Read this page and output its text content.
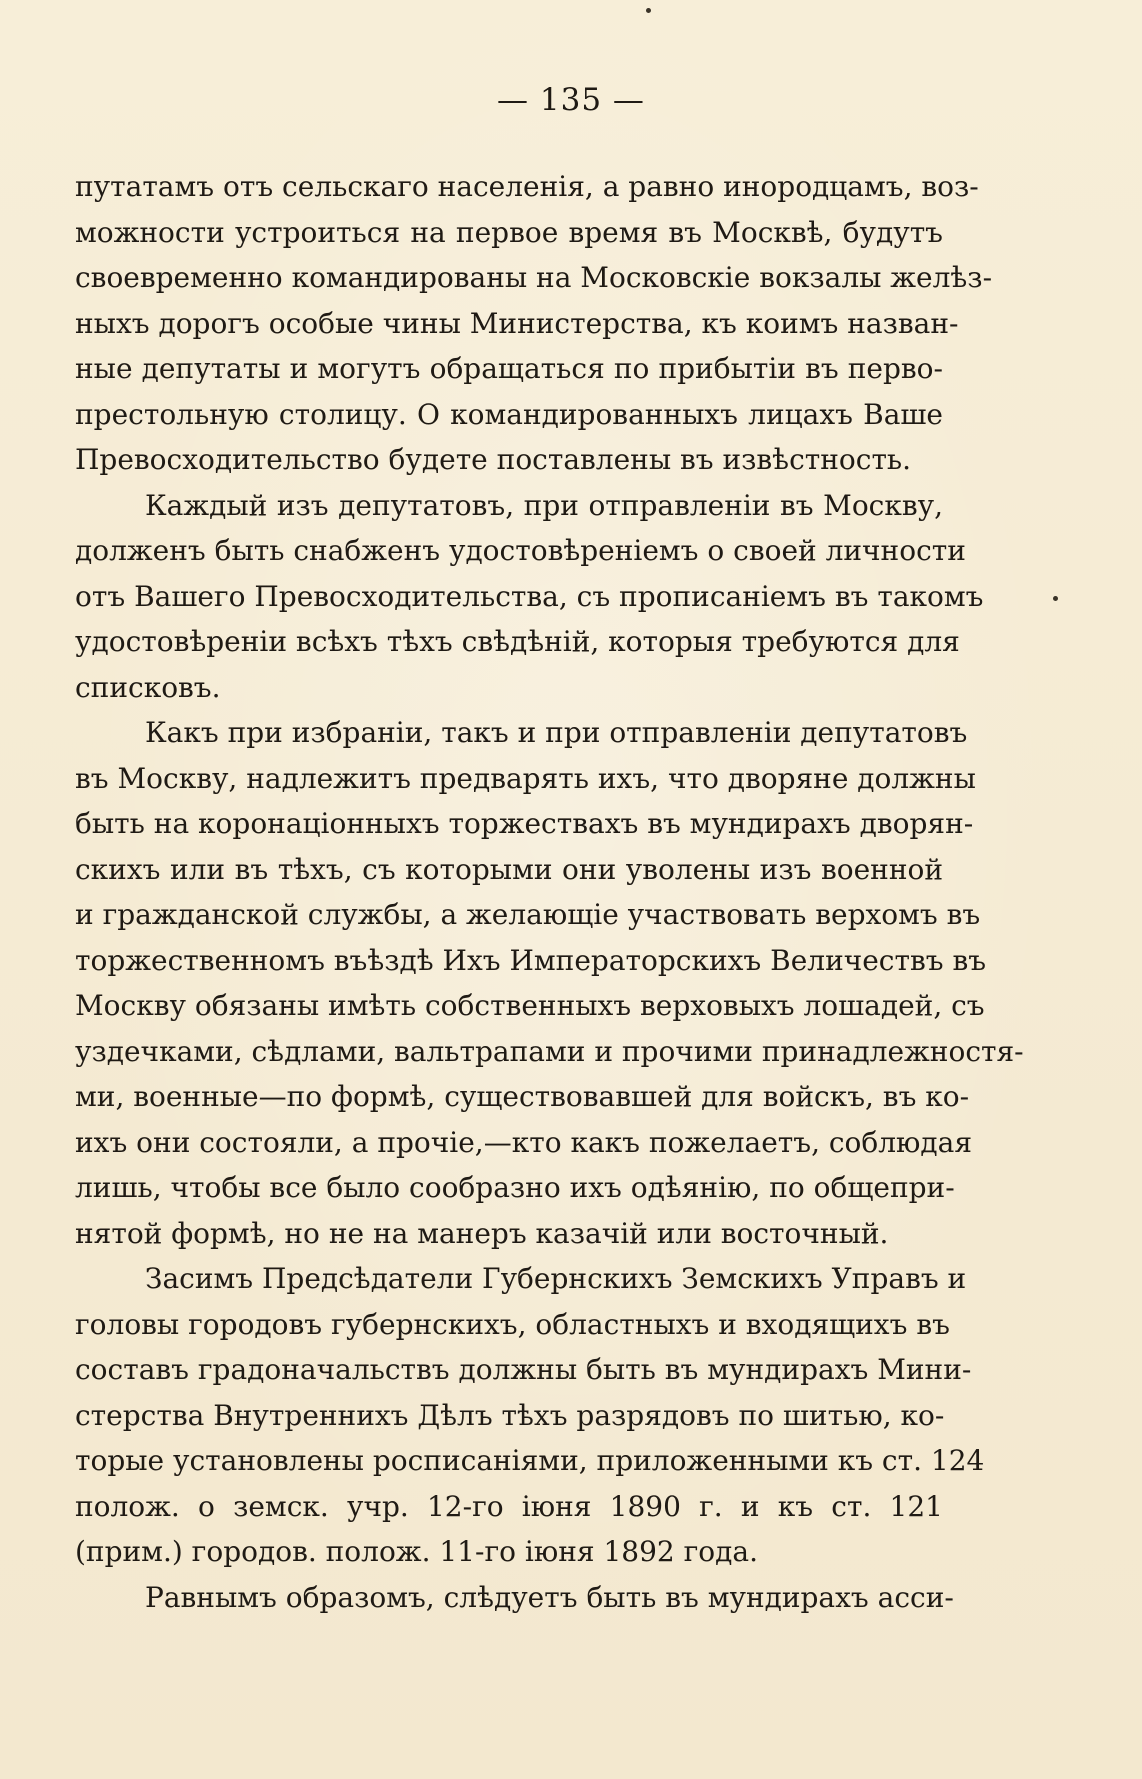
— 135 —
путатамъ отъ сельскаго населенія, а равно инородцамъ, воз-
можности устроиться на первое время въ Москвѣ, будутъ
своевременно командированы на Московскіе вокзалы желѣз-
ныхъ дорогъ особые чины Министерства, къ коимъ назван-
ные депутаты и могутъ обращаться по прибытіи въ перво-
престольную столицу. О командированныхъ лицахъ Ваше
Превосходительство будете поставлены въ извѣстность.
Каждый изъ депутатовъ, при отправленіи въ Москву,
долженъ быть снабженъ удостовѣреніемъ о своей личности
отъ Вашего Превосходительства, съ прописаніемъ въ такомъ
удостовѣреніи всѣхъ тѣхъ свѣдѣній, которыя требуются для
списковъ.
Какъ при избраніи, такъ и при отправленіи депутатовъ
въ Москву, надлежитъ предварять ихъ, что дворяне должны
быть на коронаціонныхъ торжествахъ въ мундирахъ дворян-
скихъ или въ тѣхъ, съ которыми они уволены изъ военной
и гражданской службы, а желающіе участвовать верхомъ въ
торжественномъ въѣздѣ Ихъ Императорскихъ Величествъ въ
Москву обязаны имѣть собственныхъ верховыхъ лошадей, съ
уздечками, сѣдлами, вальтрапами и прочими принадлежностя-
ми, военные—по формѣ, существовавшей для войскъ, въ ко-
ихъ они состояли, а прочіе,—кто какъ пожелаетъ, соблюдая
лишь, чтобы все было сообразно ихъ одѣянію, по общепри-
нятой формѣ, но не на манеръ казачій или восточный.
Засимъ Предсѣдатели Губернскихъ Земскихъ Управъ и
головы городовъ губернскихъ, областныхъ и входящихъ въ
составъ градоначальствъ должны быть въ мундирахъ Мини-
стерства Внутреннихъ Дѣлъ тѣхъ разрядовъ по шитью, ко-
торые установлены росписаніями, приложенными къ ст. 124
полож. о земск. учр. 12-го іюня 1890 г. и къ ст. 121
(прим.) городов. полож. 11-го іюня 1892 года.
Равнымъ образомъ, слѣдуетъ быть въ мундирахъ асси-
